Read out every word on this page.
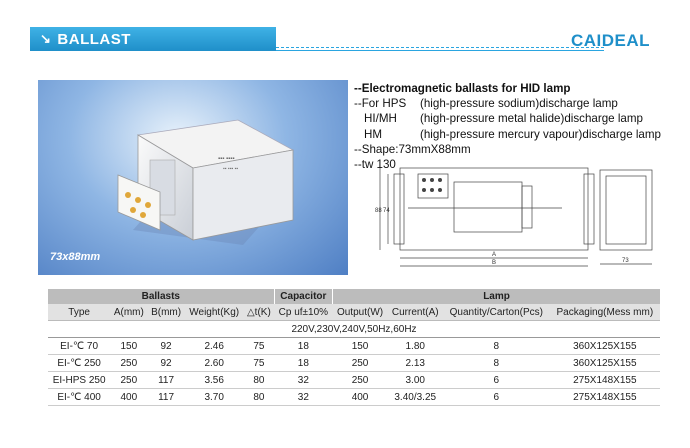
↘ BALLAST	CAIDEAL
▪▪▪ ▪▪▪▪
▪▪ ▪▪▪ ▪▪
73x88mm
--Electromagnetic ballasts for HID lamp
--For HPS (high-pressure sodium)discharge lamp
HI/MH (high-pressure metal halide)discharge lamp
HM	(high-pressure mercury vapour)discharge lamp
--Shape:73mmX88mm
--tw 130
A
B	73
88 74
Ballasts					Capacitor	Lamp			
Type	A(mm)	B(mm)	Weight(Kg)	△t(K)	Cp uf±10%	Output(W)	Current(A)	Quantity/Carton(Pcs)	Packaging(Mess mm)
220V,230V,240V,50Hz,60Hz									
EI-℃ 70	150	92	2.46	75	18	150	1.80	8	360X125X155
EI-℃ 250	250	92	2.60	75	18	250	2.13	8	360X125X155
EI-HPS 250	250	117	3.56	80	32	250	3.00	6	275X148X155
EI-℃ 400	400	117	3.70	80	32	400	3.40/3.25	6	275X148X155
